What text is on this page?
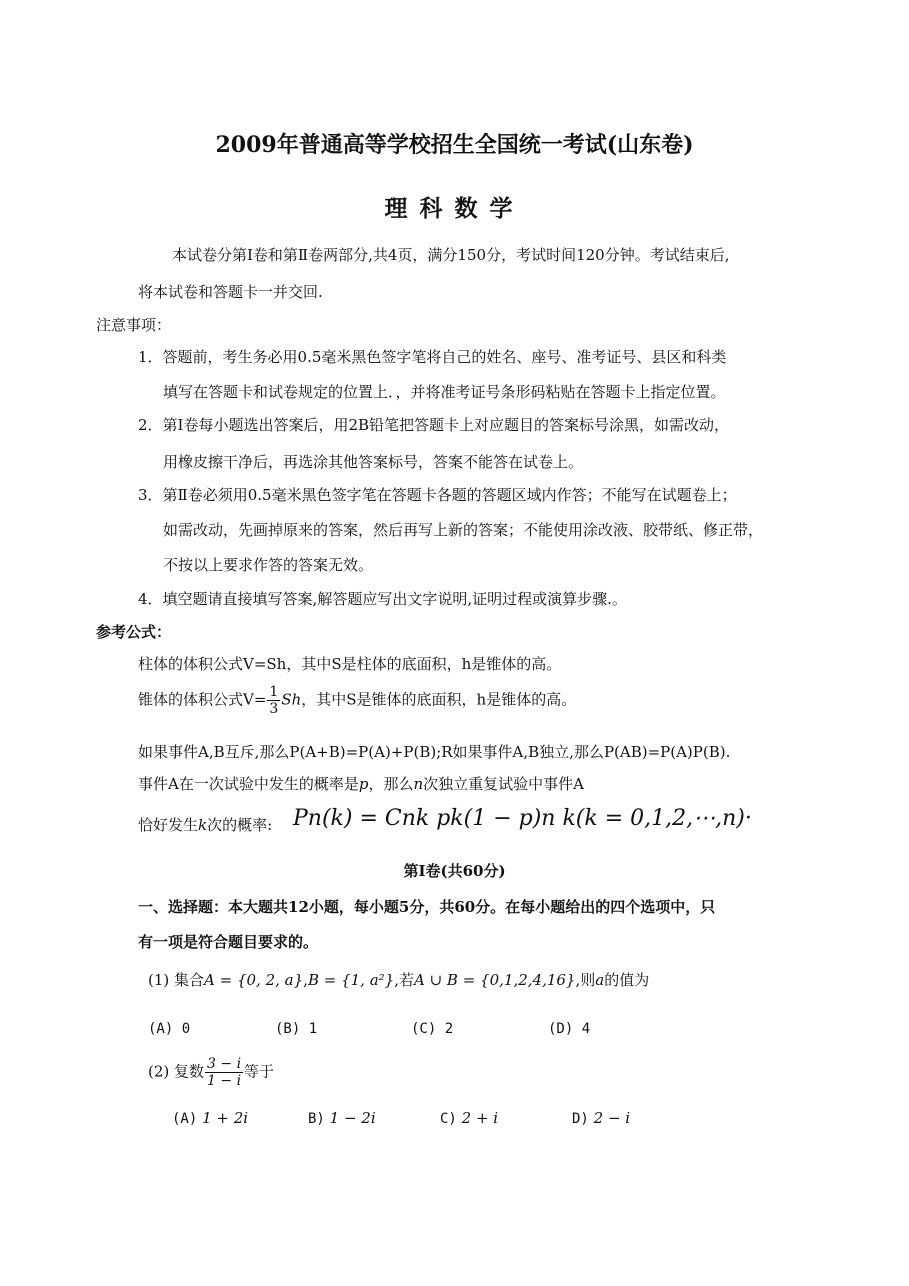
2009年普通高等学校招生全国统一考试(山东卷)
理科数学
本试卷分第Ⅰ卷和第Ⅱ卷两部分,共4页，满分150分，考试时间120分钟。考试结束后,
将本试卷和答题卡一并交回.
注意事项：
1．答题前，考生务必用0.5毫米黑色签字笔将自己的姓名、座号、准考证号、县区和科类
填写在答题卡和试卷规定的位置上．，并将准考证号条形码粘贴在答题卡上指定位置。
2．第Ⅰ卷每小题选出答案后，用2B铅笔把答题卡上对应题目的答案标号涂黑，如需改动，
用橡皮擦干净后，再选涂其他答案标号，答案不能答在试卷上。
3．第Ⅱ卷必须用0.5毫米黑色签字笔在答题卡各题的答题区域内作答；不能写在试题卷上；
如需改动，先画掉原来的答案，然后再写上新的答案；不能使用涂改液、胶带纸、修正带，
不按以上要求作答的答案无效。
4．填空题请直接填写答案,解答题应写出文字说明,证明过程或演算步骤.。
参考公式：
柱体的体积公式V=Sh，其中S是柱体的底面积，h是锥体的高。
锥体的体积公式$V= \frac{1}{3}$ Sh，其中S是锥体的底面积，h是锥体的高。
如果事件A,B互斥,那么P(A+B)=P(A)+P(B);R如果事件A,B独立,那么P(AB)=P(A)P(B).
事件A在一次试验中发生的概率是p，那么n次独立重复试验中事件A
恰好发生k次的概率: Pn(k) = Cnk pk(1 − p)n k(k = 0,1,2,⋯,n)·
第Ⅰ卷(共60分)
一、选择题：本大题共12小题，每小题5分，共60分。在每小题给出的四个选项中，只
有一项是符合题目要求的。
(1) 集合A = {0, 2, a},B = {1, a²},若A ∪ B = {0,1,2,4,16},则a的值为
(A) 0	(B) 1	(C) 2	(D) 4
(2) 复数 $\frac{3 - i}{1 - i}$ 等于
(A) 1 + 2i	B) 1 − 2i	C) 2 + i	D) 2 − i
